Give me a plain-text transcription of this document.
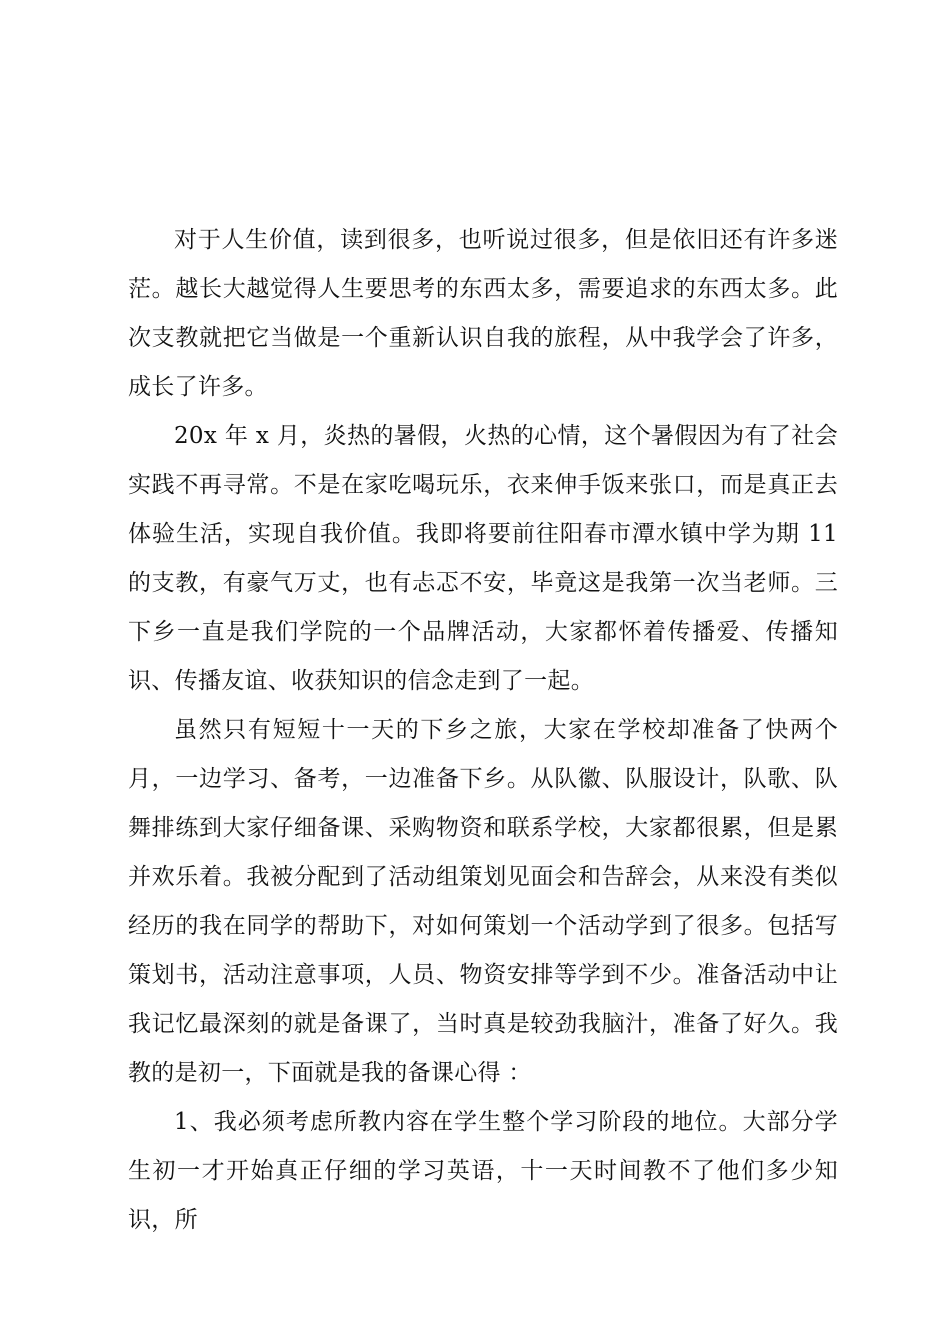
对于人生价值，读到很多，也听说过很多，但是依旧还有许多迷茫。越长大越觉得人生要思考的东西太多，需要追求的东西太多。此次支教就把它当做是一个重新认识自我的旅程，从中我学会了许多，成长了许多。

20x 年 x 月，炎热的暑假，火热的心情，这个暑假因为有了社会实践不再寻常。不是在家吃喝玩乐，衣来伸手饭来张口，而是真正去体验生活，实现自我价值。我即将要前往阳春市潭水镇中学为期 11 的支教，有豪气万丈，也有忐忑不安，毕竟这是我第一次当老师。三下乡一直是我们学院的一个品牌活动，大家都怀着传播爱、传播知识、传播友谊、收获知识的信念走到了一起。

虽然只有短短十一天的下乡之旅，大家在学校却准备了快两个月，一边学习、备考，一边准备下乡。从队徽、队服设计，队歌、队舞排练到大家仔细备课、采购物资和联系学校，大家都很累，但是累并欢乐着。我被分配到了活动组策划见面会和告辞会，从来没有类似经历的我在同学的帮助下，对如何策划一个活动学到了很多。包括写策划书，活动注意事项，人员、物资安排等学到不少。准备活动中让我记忆最深刻的就是备课了，当时真是较劲我脑汁，准备了好久。我教的是初一，下面就是我的备课心得 ：

1、我必须考虑所教内容在学生整个学习阶段的地位。大部分学生初一才开始真正仔细的学习英语，十一天时间教不了他们多少知识，所
